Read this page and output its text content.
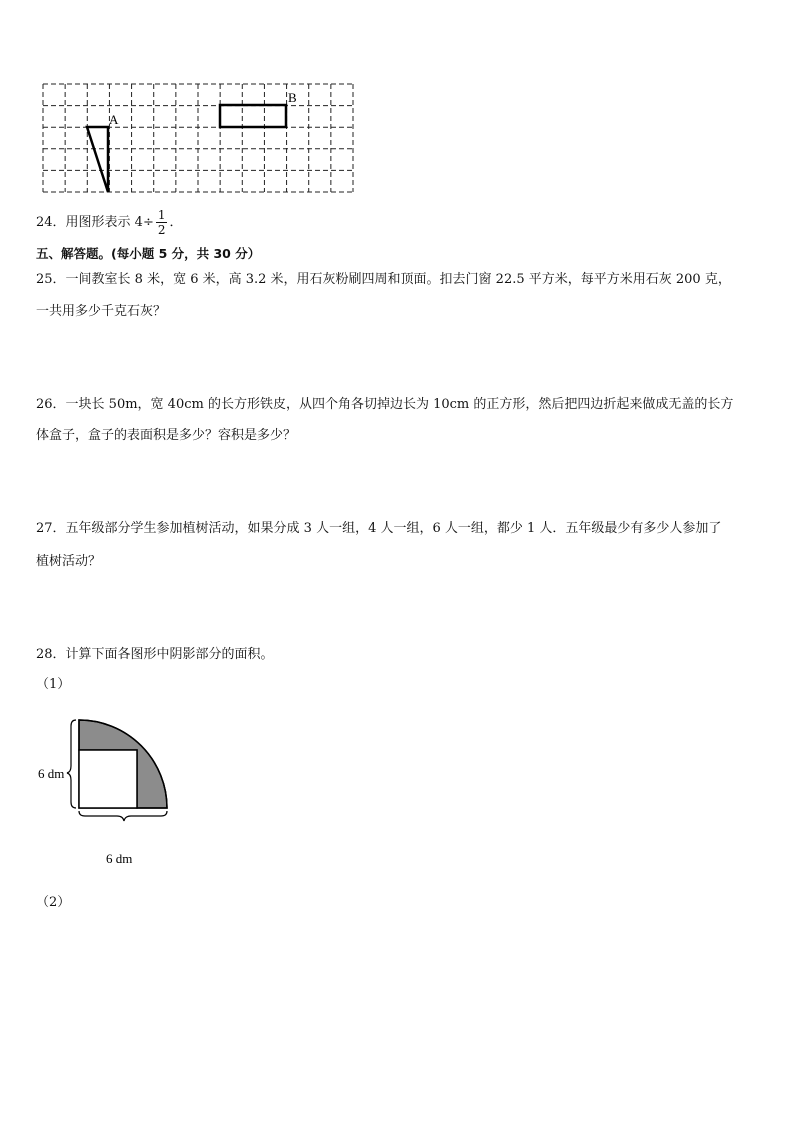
A
B
24．用图形表示 $4\div \frac{1}{2}$ ．
五、解答题。(每小题 5 分，共 30 分）
25．一间教室长 8 米，宽 6 米，高 3.2 米，用石灰粉刷四周和顶面。扣去门窗 22.5 平方米，每平方米用石灰 200 克，
一共用多少千克石灰？
26．一块长 50m，宽 40cm 的长方形铁皮，从四个角各切掉边长为 10cm 的正方形，然后把四边折起来做成无盖的长方
体盒子，盒子的表面积是多少？容积是多少？
27．五年级部分学生参加植树活动，如果分成 3 人一组，4 人一组，6 人一组，都少 1 人．五年级最少有多少人参加了
植树活动？
28．计算下面各图形中阴影部分的面积。
（1）
6 dm
6 dm
（2）
